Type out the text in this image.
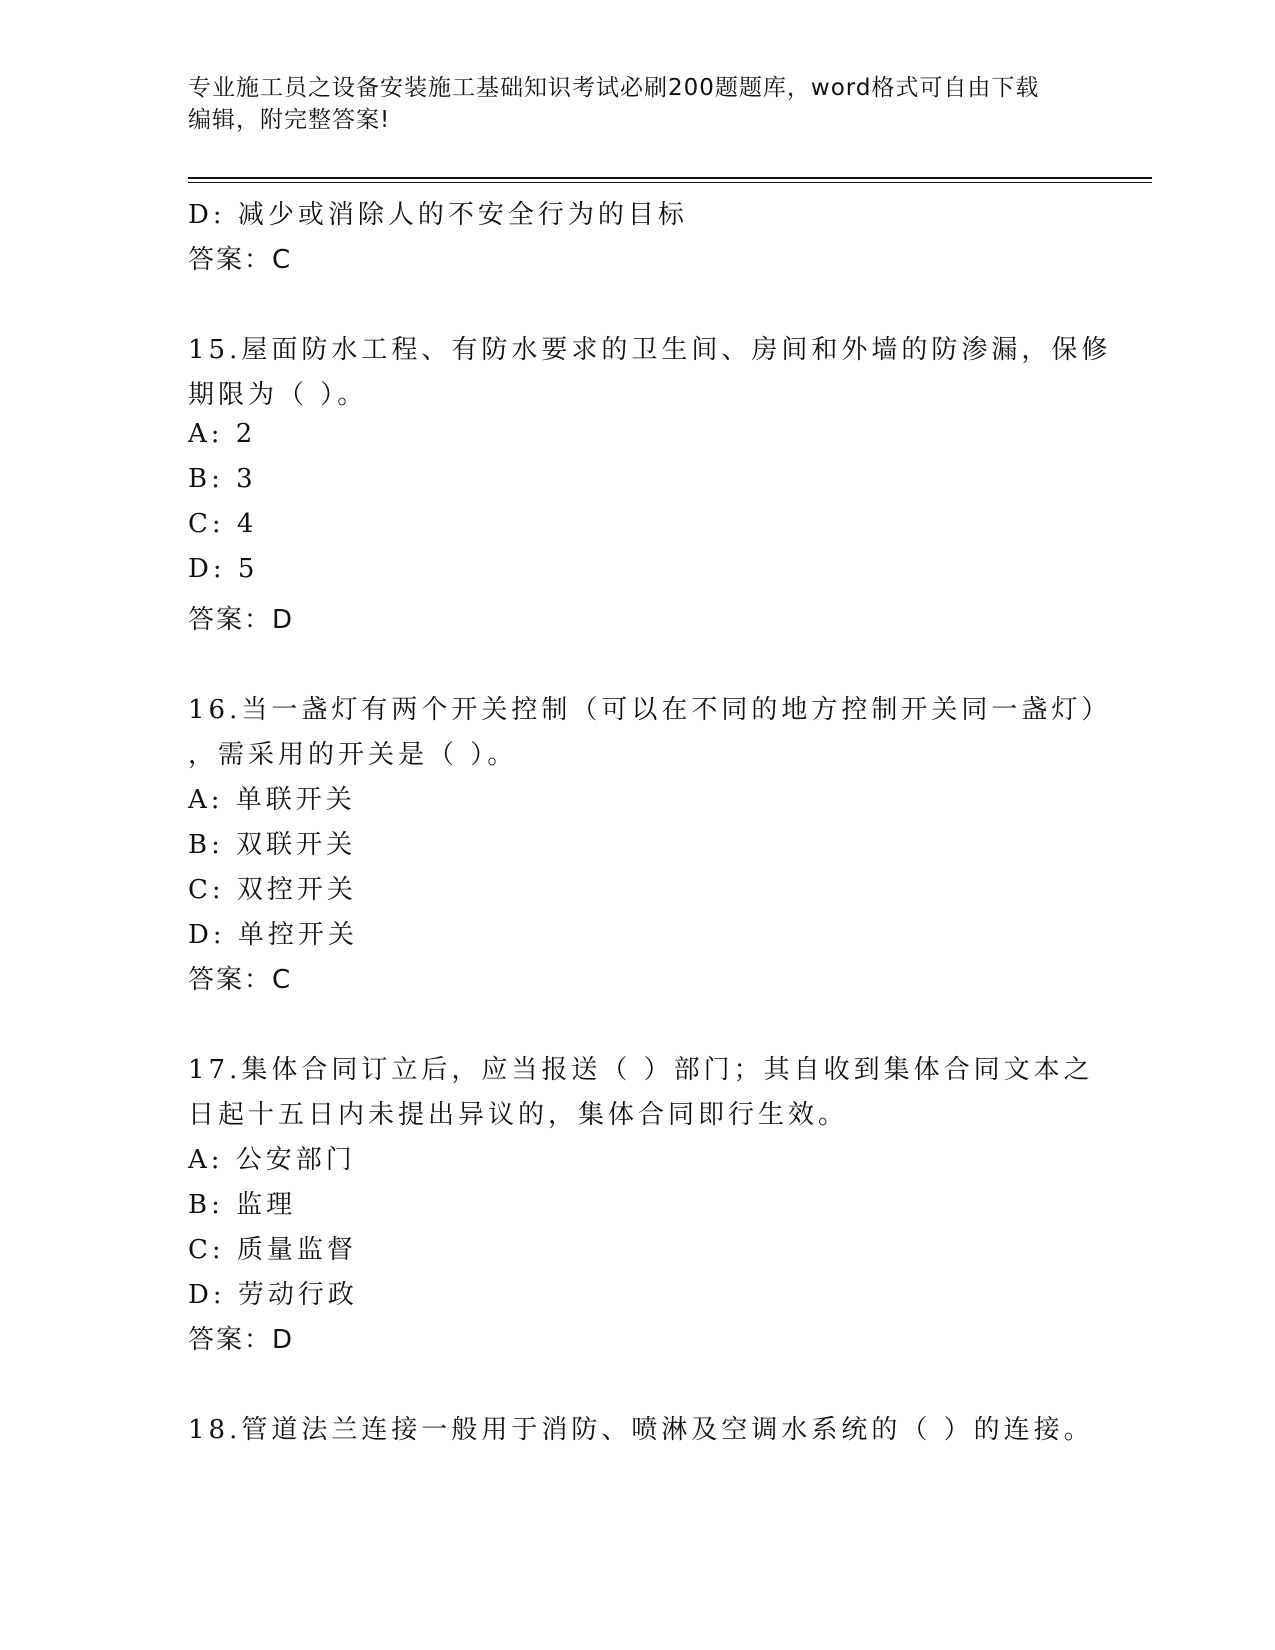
专业施工员之设备安装施工基础知识考试必刷200题题库，word格式可自由下载
编辑，附完整答案!
D: 减少或消除人的不安全行为的目标
答案：C
15.屋面防水工程、有防水要求的卫生间、房间和外墙的防渗漏，保修
期限为（ ）。
A: 2
B: 3
C: 4
D: 5
答案：D
16.当一盏灯有两个开关控制（可以在不同的地方控制开关同一盏灯）
，需采用的开关是（ ）。
A: 单联开关
B: 双联开关
C: 双控开关
D: 单控开关
答案：C
17.集体合同订立后，应当报送（ ）部门；其自收到集体合同文本之
日起十五日内未提出异议的，集体合同即行生效。
A: 公安部门
B: 监理
C: 质量监督
D: 劳动行政
答案：D
18.管道法兰连接一般用于消防、喷淋及空调水系统的（ ）的连接。
